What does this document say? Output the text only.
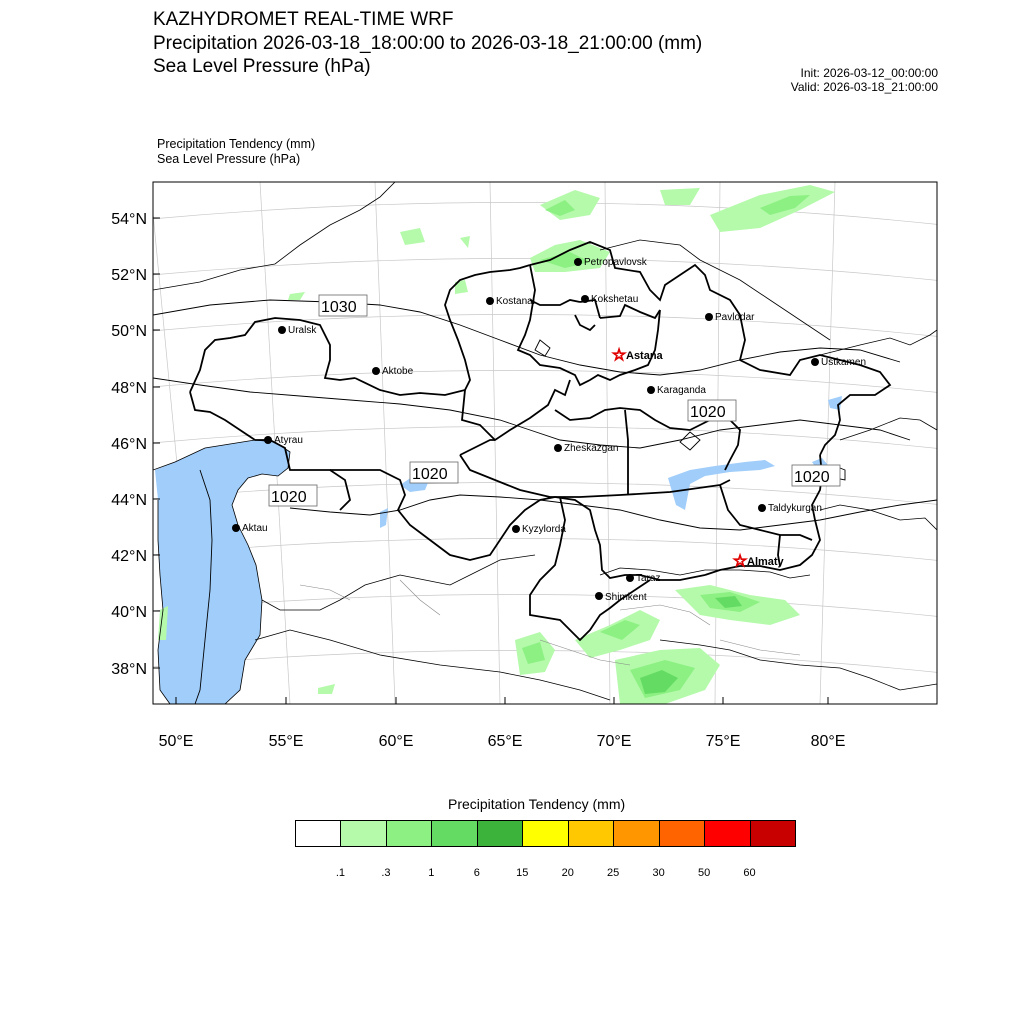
KAZHYDROMET REAL-TIME WRF
Precipitation 2026-03-18_18:00:00 to 2026-03-18_21:00:00 (mm)
Sea Level Pressure (hPa)	Init: 2026-03-12_00:00:00
Valid: 2026-03-18_21:00:00
Precipitation Tendency (mm)
Sea Level Pressure (hPa)
54°N
52°N
50°N
48°N
46°N
44°N
42°N
40°N
38°N
50°E	55°E	60°E	65°E	70°E	75°E	80°E
1030
1020
1020
1020
1020
Petropavlovsk
Kostanai	Kokshetau
Pavlodar
Uralsk
☆ Astana
Aktobe
Ustkamen
Karaganda
Atyrau
Zheskazgan
Aktau	Kyzylorda
Taldykurgan
☆ Almaty
Taraz
Shimkent
Precipitation Tendency (mm)
.1	.3	1	6	15	20	25	30	50	60
